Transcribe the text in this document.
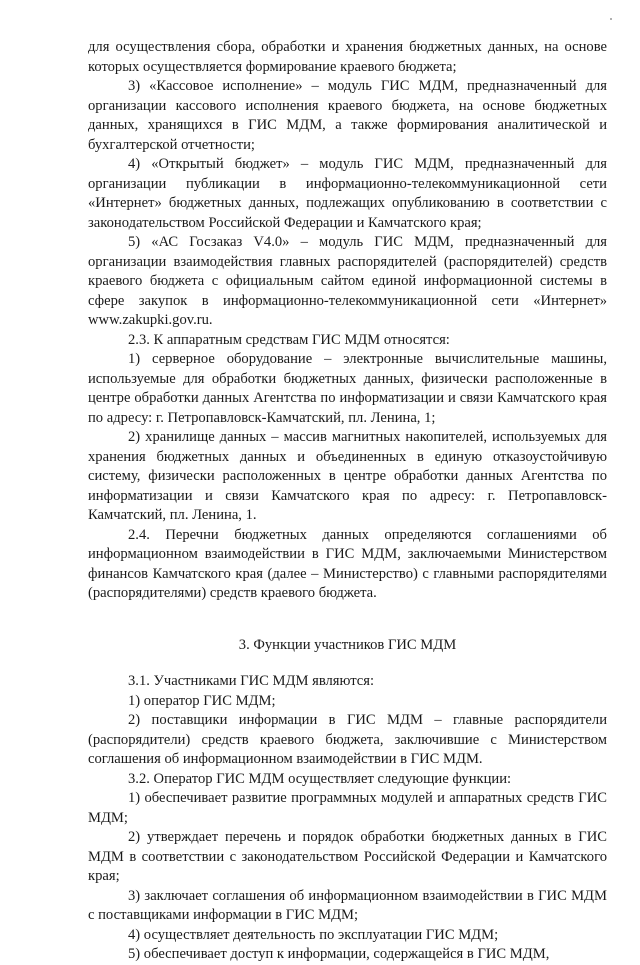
для осуществления сбора, обработки и хранения бюджетных данных, на основе которых осуществляется формирование краевого бюджета;

3) «Кассовое исполнение» – модуль ГИС МДМ, предназначенный для организации кассового исполнения краевого бюджета, на основе бюджетных данных, хранящихся в ГИС МДМ, а также формирования аналитической и бухгалтерской отчетности;

4) «Открытый бюджет» – модуль ГИС МДМ, предназначенный для организации публикации в информационно-телекоммуникационной сети «Интернет» бюджетных данных, подлежащих опубликованию в соответствии с законодательством Российской Федерации и Камчатского края;

5) «АС Госзаказ V4.0» – модуль ГИС МДМ, предназначенный для организации взаимодействия главных распорядителей (распорядителей) средств краевого бюджета с официальным сайтом единой информационной системы в сфере закупок в информационно-телекоммуникационной сети «Интернет» www.zakupki.gov.ru.

2.3. К аппаратным средствам ГИС МДМ относятся:

1) серверное оборудование – электронные вычислительные машины, используемые для обработки бюджетных данных, физически расположенные в центре обработки данных Агентства по информатизации и связи Камчатского края по адресу: г. Петропавловск-Камчатский, пл. Ленина, 1;

2) хранилище данных – массив магнитных накопителей, используемых для хранения бюджетных данных и объединенных в единую отказоустойчивую систему, физически расположенных в центре обработки данных Агентства по информатизации и связи Камчатского края по адресу: г. Петропавловск-Камчатский, пл. Ленина, 1.

2.4. Перечни бюджетных данных определяются соглашениями об информационном взаимодействии в ГИС МДМ, заключаемыми Министерством финансов Камчатского края (далее – Министерство) с главными распорядителями (распорядителями) средств краевого бюджета.

3. Функции участников ГИС МДМ

3.1. Участниками ГИС МДМ являются:

1) оператор ГИС МДМ;

2) поставщики информации в ГИС МДМ – главные распорядители (распорядители) средств краевого бюджета, заключившие с Министерством соглашения об информационном взаимодействии в ГИС МДМ.

3.2. Оператор ГИС МДМ осуществляет следующие функции:

1) обеспечивает развитие программных модулей и аппаратных средств ГИС МДМ;

2) утверждает перечень и порядок обработки бюджетных данных в ГИС МДМ в соответствии с законодательством Российской Федерации и Камчатского края;

3) заключает соглашения об информационном взаимодействии в ГИС МДМ с поставщиками информации в ГИС МДМ;

4) осуществляет деятельность по эксплуатации ГИС МДМ;

5) обеспечивает доступ к информации, содержащейся в ГИС МДМ,
